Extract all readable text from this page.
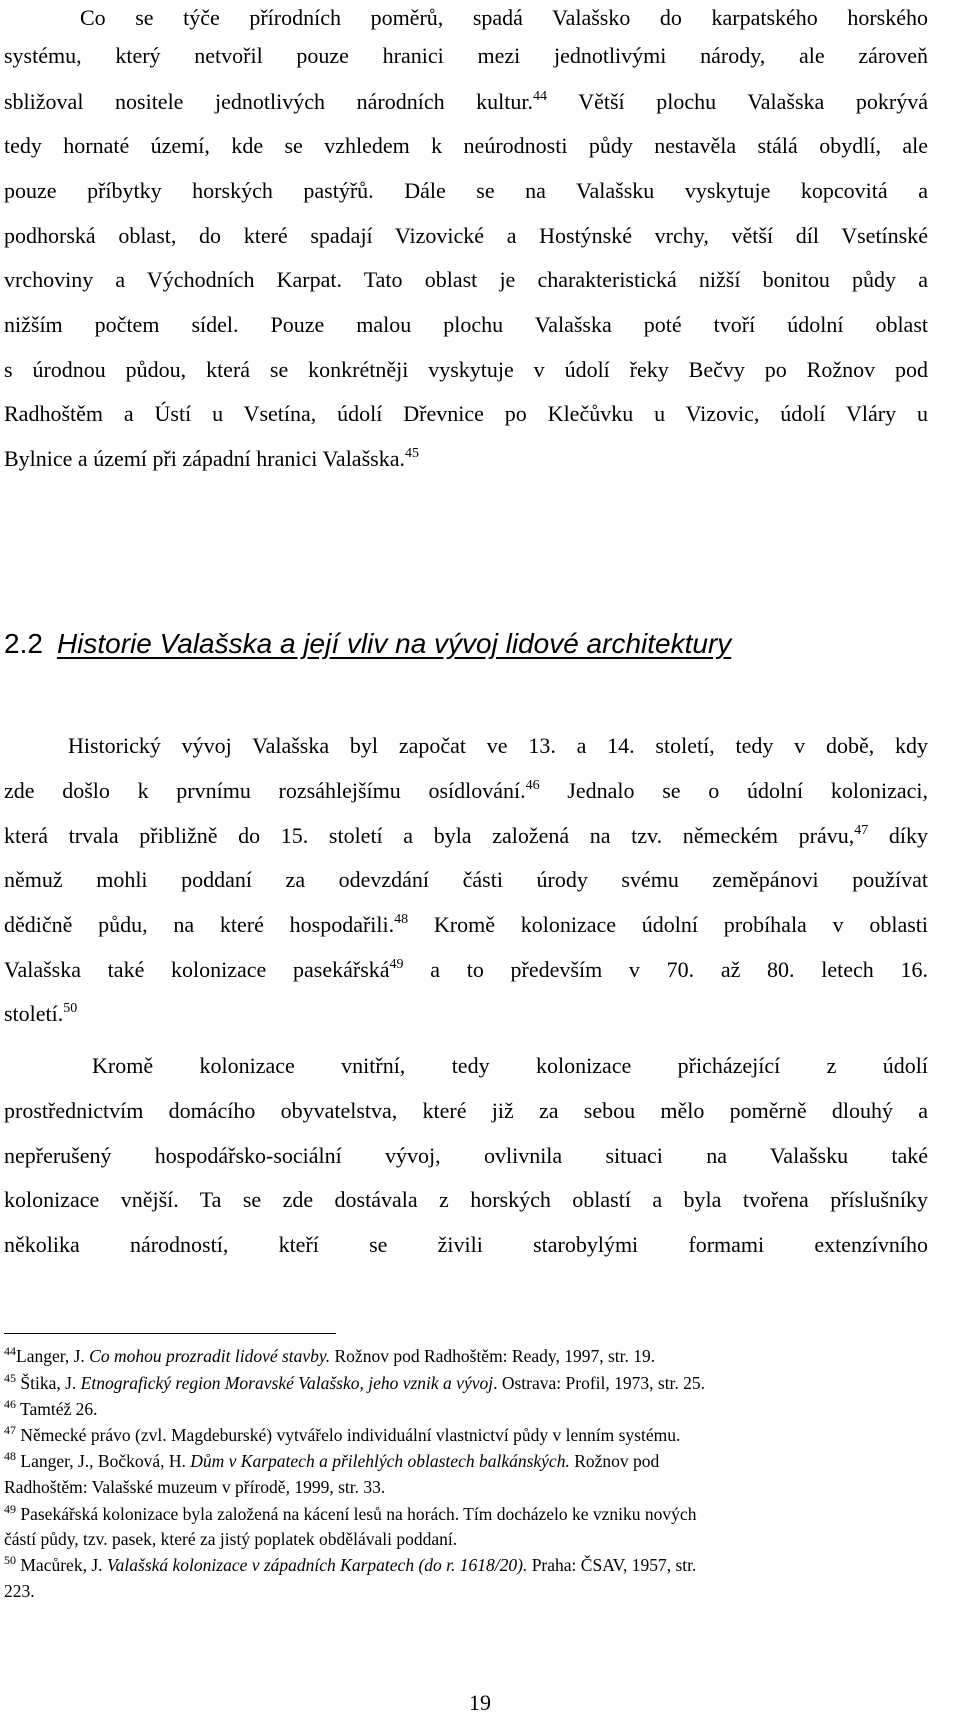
Co se týče přírodních poměrů, spadá Valašsko do karpatského horského
systému, který netvořil pouze hranici mezi jednotlivými národy, ale zároveň
sbližoval nositele jednotlivých národních kultur.$^{44}$ Větší plochu Valašska pokrývá
tedy hornaté území, kde se vzhledem k neúrodnosti půdy nestavěla stálá obydlí, ale
pouze příbytky horských pastýřů. Dále se na Valašsku vyskytuje kopcovitá a
podhorská oblast, do které spadají Vizovické a Hostýnské vrchy, větší díl Vsetínské
vrchoviny a Východních Karpat. Tato oblast je charakteristická nižší bonitou půdy a
nižším počtem sídel. Pouze malou plochu Valašska poté tvoří údolní oblast
s úrodnou půdou, která se konkrétněji vyskytuje v údolí řeky Bečvy po Rožnov pod
Radhoštěm a Ústí u Vsetína, údolí Dřevnice po Klečůvku u Vizovic, údolí Vláry u
Bylnice a území při západní hranici Valašska.$^{45}$
2.2 Historie Valašska a její vliv na vývoj lidové architektury
Historický vývoj Valašska byl započat ve 13. a 14. století, tedy v době, kdy
zde došlo k prvnímu rozsáhlejšímu osídlování.$^{46}$ Jednalo se o údolní kolonizaci,
která trvala přibližně do 15. století a byla založená na tzv. německém právu,$^{47}$ díky
němuž mohli poddaní za odevzdání části úrody svému zeměpánovi používat
dědičně půdu, na které hospodařili.$^{48}$ Kromě kolonizace údolní probíhala v oblasti
Valašska také kolonizace pasekářská$^{49}$ a to především v 70. až 80. letech 16.
století.$^{50}$
Kromě kolonizace vnitřní, tedy kolonizace přicházející z údolí
prostřednictvím domácího obyvatelstva, které již za sebou mělo poměrně dlouhý a
nepřerušený hospodářsko-sociální vývoj, ovlivnila situaci na Valašsku také
kolonizace vnější. Ta se zde dostávala z horských oblastí a byla tvořena příslušníky
několika národností, kteří se živili starobylými formami extenzívního
$^{44}$Langer, J. Co mohou prozradit lidové stavby. Rožnov pod Radhoštěm: Ready, 1997, str. 19.
$^{45}$ Štika, J. Etnografický region Moravské Valašsko, jeho vznik a vývoj. Ostrava: Profil, 1973, str. 25.
$^{46}$ Tamtéž 26.
$^{47}$ Německé právo (zvl. Magdeburské) vytvářelo individuální vlastnictví půdy v lenním systému.
$^{48}$ Langer, J., Bočková, H. Dům v Karpatech a přilehlých oblastech balkánských. Rožnov pod
Radhoštěm: Valašské muzeum v přírodě, 1999, str. 33.
$^{49}$ Pasekářská kolonizace byla založená na kácení lesů na horách. Tím docházelo ke vzniku nových
částí půdy, tzv. pasek, které za jistý poplatek obdělávali poddaní.
$^{50}$ Macůrek, J. Valašská kolonizace v západních Karpatech (do r. 1618/20). Praha: ČSAV, 1957, str.
223.
19
